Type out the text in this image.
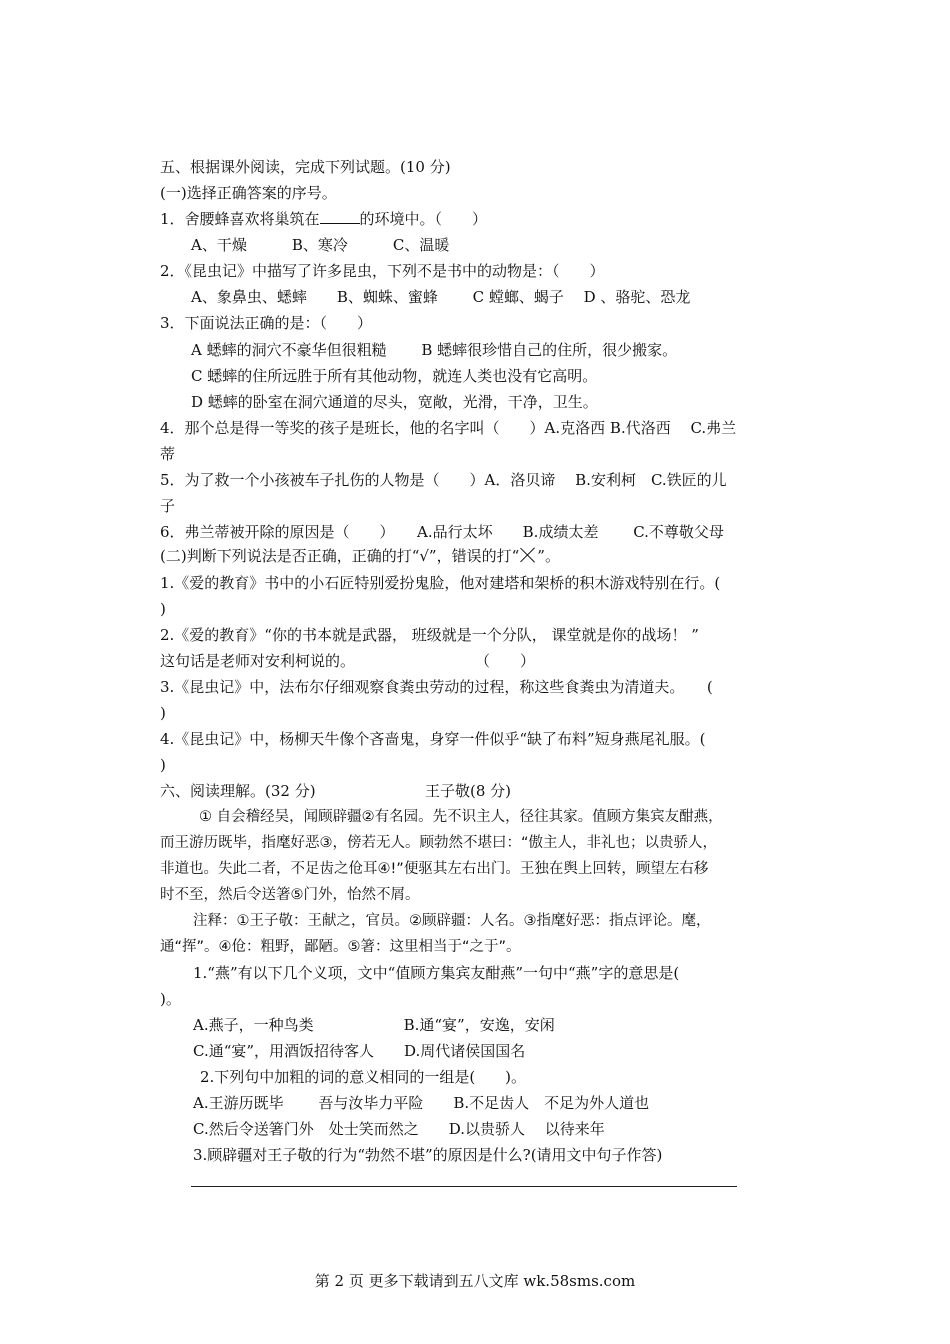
五、根据课外阅读，完成下列试题。(10 分)
(一)选择正确答案的序号。
1．舍腰蜂喜欢将巢筑在	的环境中。（　　）
A、干燥　　　B、寒冷　　　C、温暖
2．《昆虫记》中描写了许多昆虫，下列不是书中的动物是：（　　）
A、象鼻虫、蟋蟀　　B、蜘蛛、蜜蜂　　 C 螳螂、蝎子　 D 、骆驼、恐龙
3．下面说法正确的是：（　　）
A 蟋蟀的洞穴不豪华但很粗糙　　 B 蟋蟀很珍惜自己的住所，很少搬家。
C 蟋蟀的住所远胜于所有其他动物，就连人类也没有它高明。
D 蟋蟀的卧室在洞穴通道的尽头，宽敞，光滑，干净，卫生。
4．那个总是得一等奖的孩子是班长，他的名字叫（　　）A.克洛西 B.代洛西　 C.弗兰
蒂
5．为了救一个小孩被车子扎伤的人物是（　　）A．洛贝谛　 B.安利柯　C.铁匠的儿
子
6．弗兰蒂被开除的原因是（　　）　　A.品行太坏　　B.成绩太差　　 C.不尊敬父母
(二)判断下列说法是否正确，正确的打“√”，错误的打“ ”。
1.《爱的教育》书中的小石匠特别爱扮鬼脸，他对建塔和架桥的积木游戏特别在行。(
)
2.《爱的教育》“你的书本就是武器， 班级就是一个分队， 课堂就是你的战场！ ”
这句话是老师对安利柯说的。　　　　　　　　　（　　）
3.《昆虫记》中，法布尔仔细观察食粪虫劳动的过程，称这些食粪虫为清道夫。　　(
)
4.《昆虫记》中，杨柳天牛像个吝啬鬼，身穿一件似乎“缺了布料”短身燕尾礼服。(
)
六、阅读理解。(32 分)	王子敬(8 分)
① 自会稽经吴，闻顾辟疆②有名园。先不识主人，径往其家。值顾方集宾友酣燕，
而王游历既毕，指麾好恶③，傍若无人。顾勃然不堪曰：“傲主人，非礼也；以贵骄人，
非道也。失此二者，不足齿之伧耳④!”便驱其左右出门。王独在舆上回转，顾望左右移
时不至，然后令送箸⑤门外，怡然不屑。
注释：①王子敬：王献之，官员。②顾辟疆：人名。③指麾好恶：指点评论。麾，
通“挥”。④伧：粗野，鄙陋。⑤箸：这里相当于“之于”。
1.“燕”有以下几个义项，文中“值顾方集宾友酣燕”一句中“燕”字的意思是(
)。
A.燕子，一种鸟类　　　　　　B.通“宴”，安逸，安闲
C.通“宴”，用酒饭招待客人　　D.周代诸侯国国名
2.下列句中加粗的词的意义相同的一组是(　　)。
A.王游历既毕　　 吾与汝毕力平险　　B.不足齿人　不足为外人道也
C.然后令送箸门外　处士笑而然之　　D.以贵骄人　 以待来年
3.顾辟疆对王子敬的行为“勃然不堪”的原因是什么?(请用文中句子作答)
第 2 页 更多下载请到五八文库 wk.58sms.com
